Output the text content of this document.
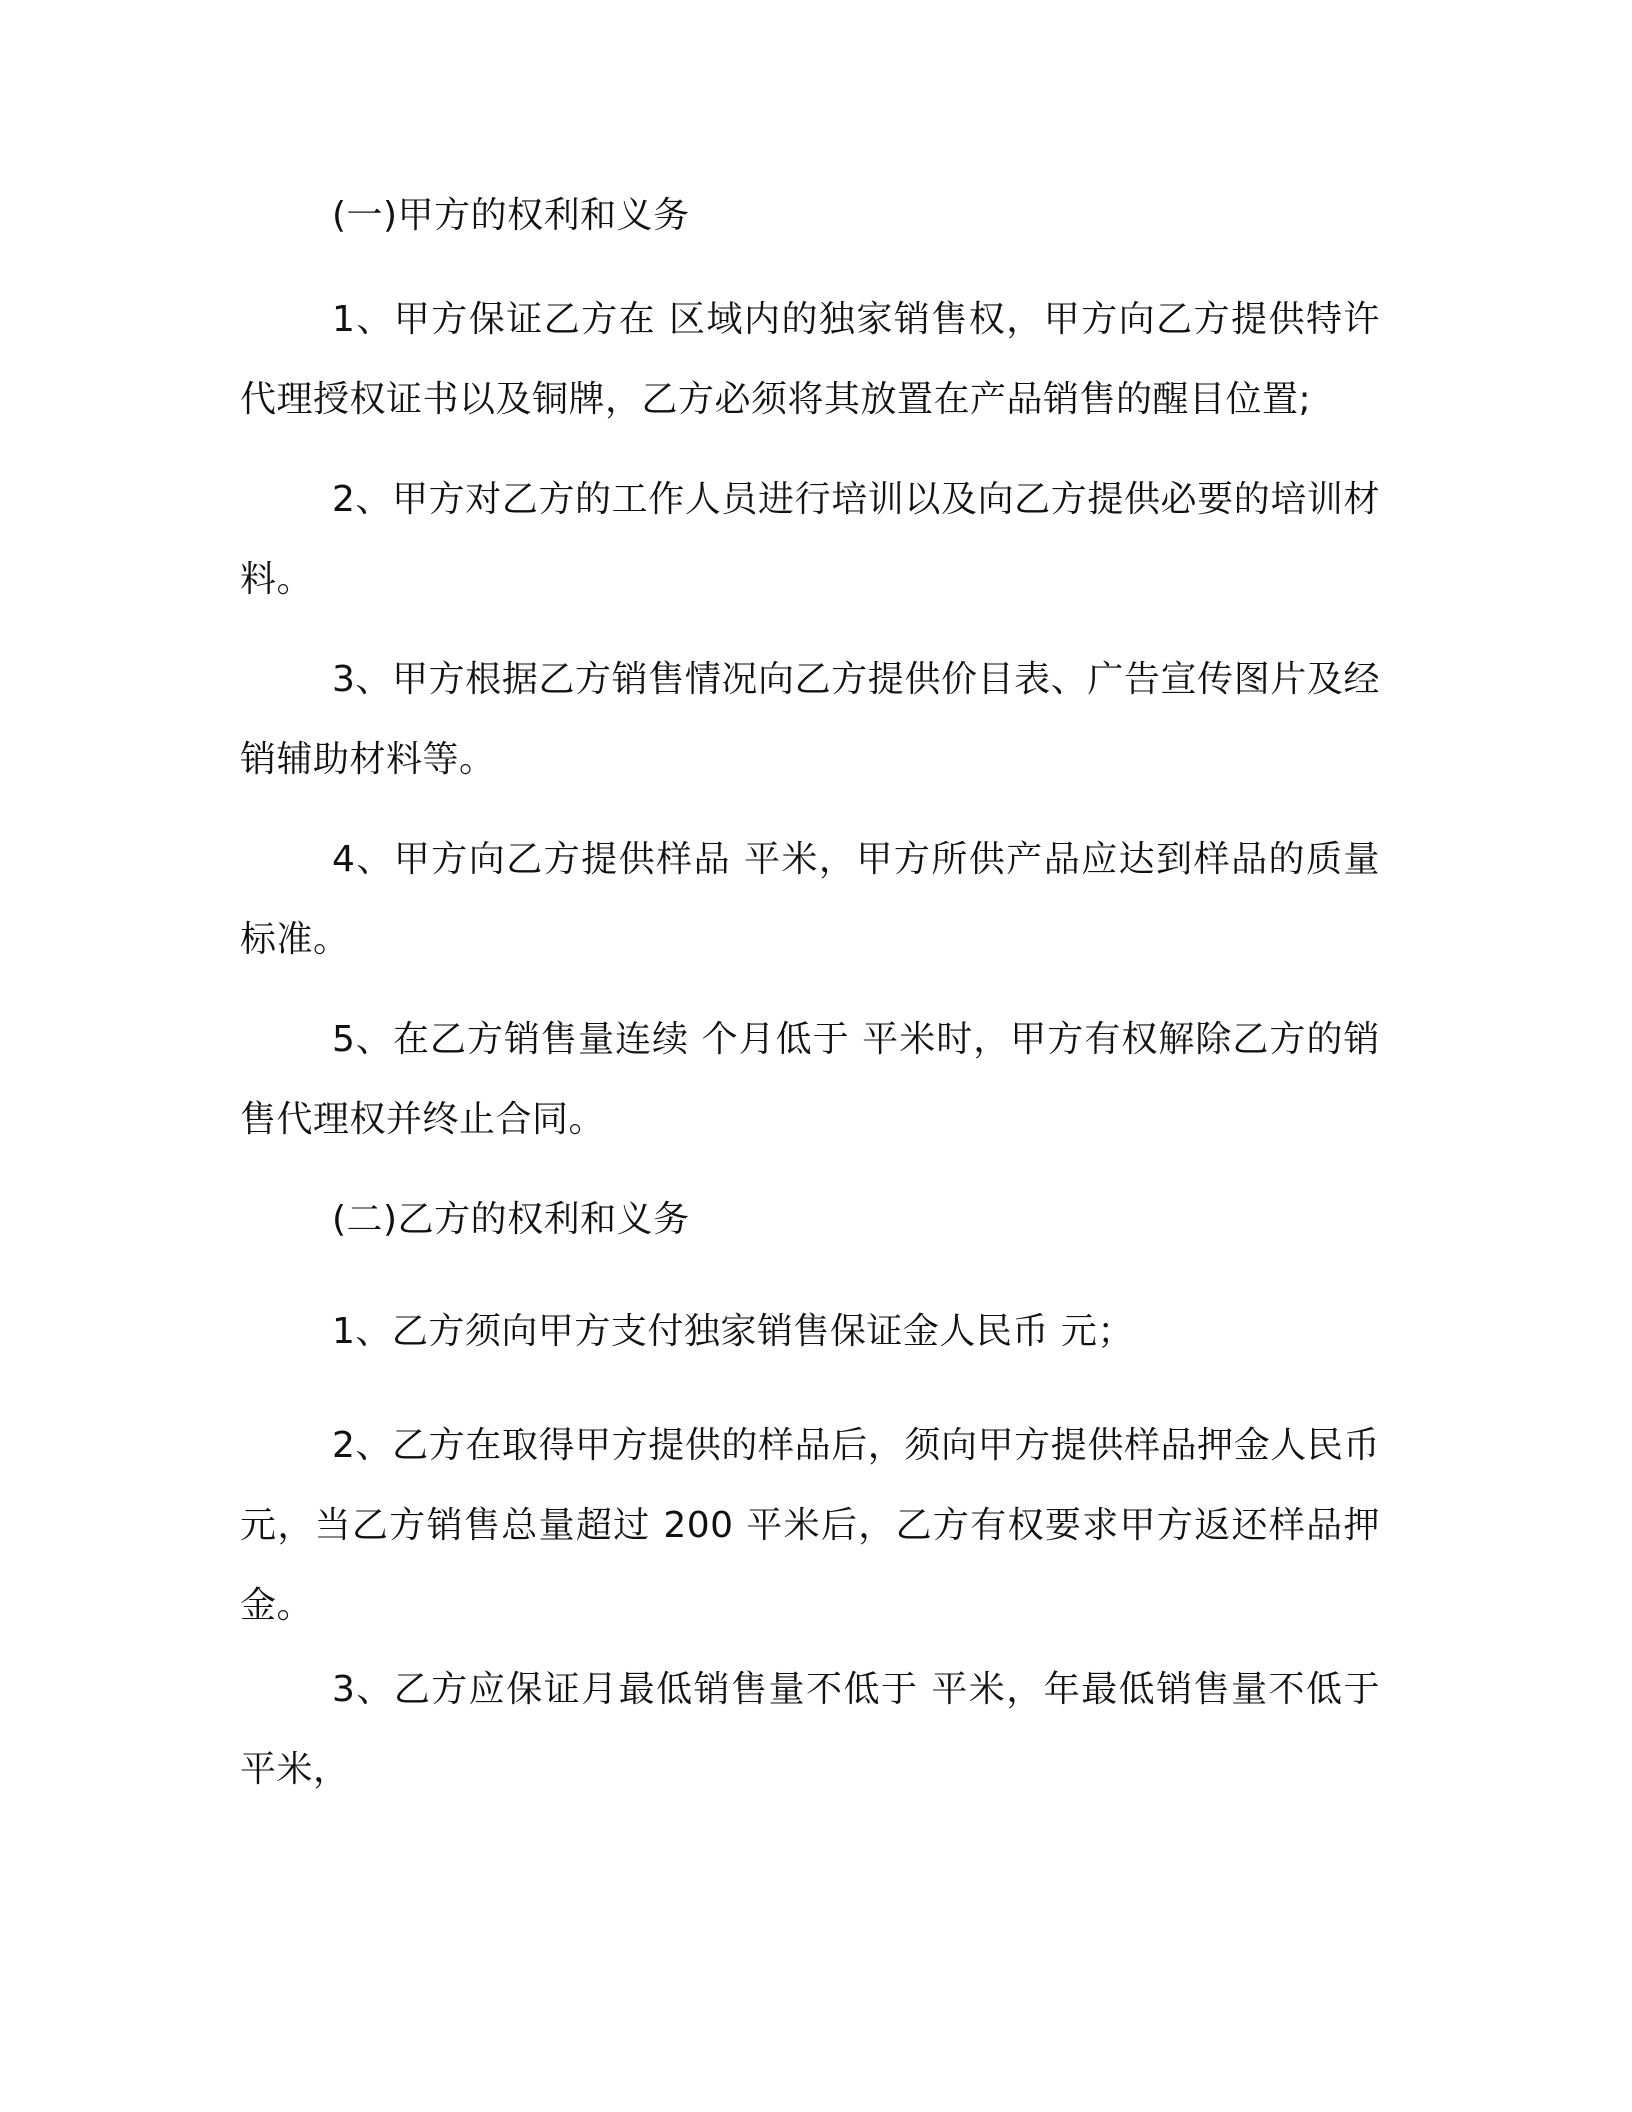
(一)甲方的权利和义务

1、甲方保证乙方在 区域内的独家销售权，甲方向乙方提供特许代理授权证书以及铜牌，乙方必须将其放置在产品销售的醒目位置;

2、甲方对乙方的工作人员进行培训以及向乙方提供必要的培训材料。

3、甲方根据乙方销售情况向乙方提供价目表、广告宣传图片及经销辅助材料等。

4、甲方向乙方提供样品 平米，甲方所供产品应达到样品的质量标准。

5、在乙方销售量连续 个月低于 平米时，甲方有权解除乙方的销售代理权并终止合同。

(二)乙方的权利和义务

1、乙方须向甲方支付独家销售保证金人民币 元；

2、乙方在取得甲方提供的样品后，须向甲方提供样品押金人民币 元，当乙方销售总量超过 200 平米后，乙方有权要求甲方返还样品押金。

3、乙方应保证月最低销售量不低于 平米，年最低销售量不低于 平米，
